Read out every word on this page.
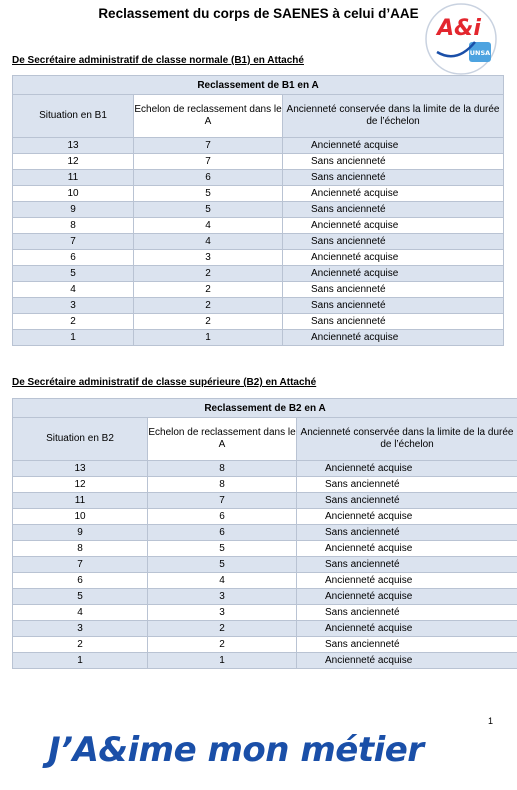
Reclassement du corps de SAENES à celui d’AAE
A&i
UNSA
De Secrétaire administratif de classe normale (B1) en Attaché
Reclassement de B1 en A		
Situation en B1	Echelon de reclassement dans le A	Ancienneté conservée dans la limite de la durée de l’échelon
13	7	Ancienneté acquise
12	7	Sans ancienneté
11	6	Sans ancienneté
10	5	Ancienneté acquise
9	5	Sans ancienneté
8	4	Ancienneté acquise
7	4	Sans ancienneté
6	3	Ancienneté acquise
5	2	Ancienneté acquise
4	2	Sans ancienneté
3	2	Sans ancienneté
2	2	Sans ancienneté
1	1	Ancienneté acquise
De Secrétaire administratif de classe supérieure (B2) en Attaché
Reclassement de B2 en A		
Situation en B2	Echelon de reclassement dans le A	Ancienneté conservée dans la limite de la durée de l’échelon
13	8	Ancienneté acquise
12	8	Sans ancienneté
11	7	Sans ancienneté
10	6	Ancienneté acquise
9	6	Sans ancienneté
8	5	Ancienneté acquise
7	5	Sans ancienneté
6	4	Ancienneté acquise
5	3	Ancienneté acquise
4	3	Sans ancienneté
3	2	Ancienneté acquise
2	2	Sans ancienneté
1	1	Ancienneté acquise
1
J’A&ime mon métier
